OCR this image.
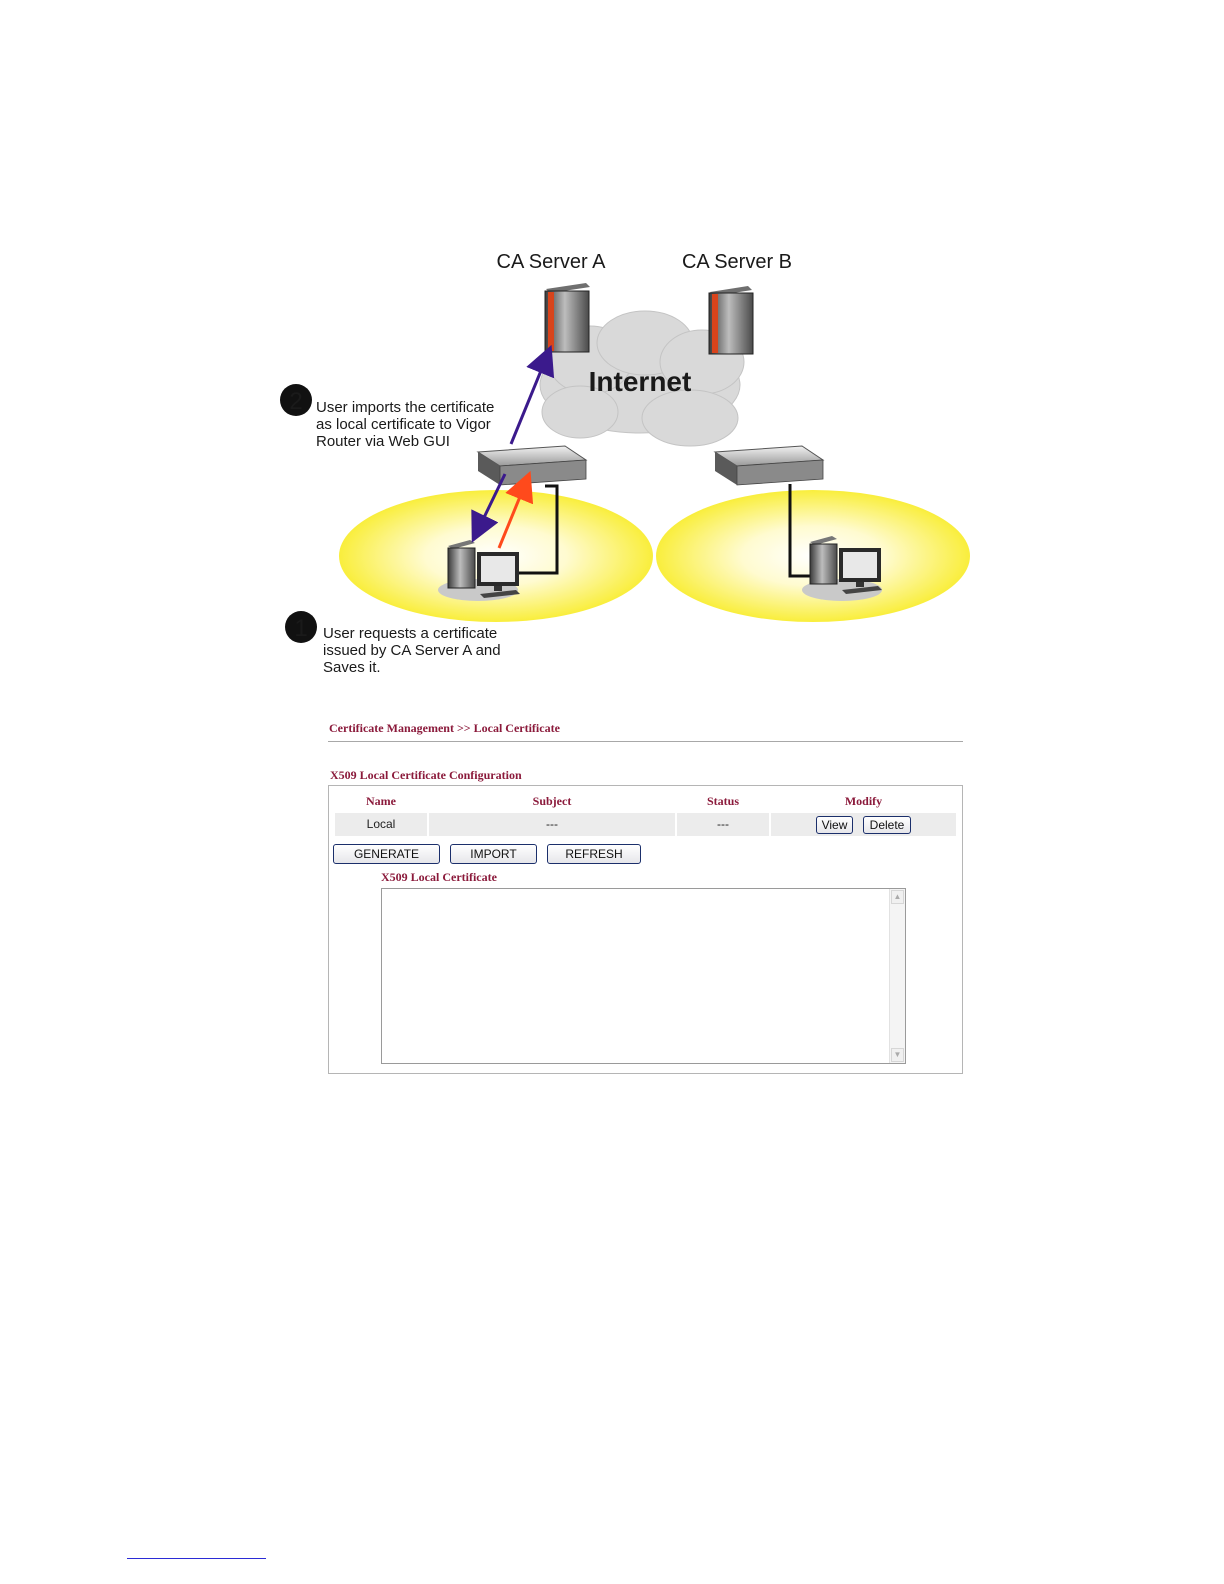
Internet
CA Server A	CA Server B
2 User imports the certificate
as local certificate to Vigor
Router via Web GUI
1 User requests a certificate
issued by CA Server A and
Saves it.
Certificate Management >> Local Certificate
X509 Local Certificate Configuration
Name	Subject	Status	Modify
Local	---	---	View	Delete
GENERATE	IMPORT	REFRESH
X509 Local Certificate
▲
▼
